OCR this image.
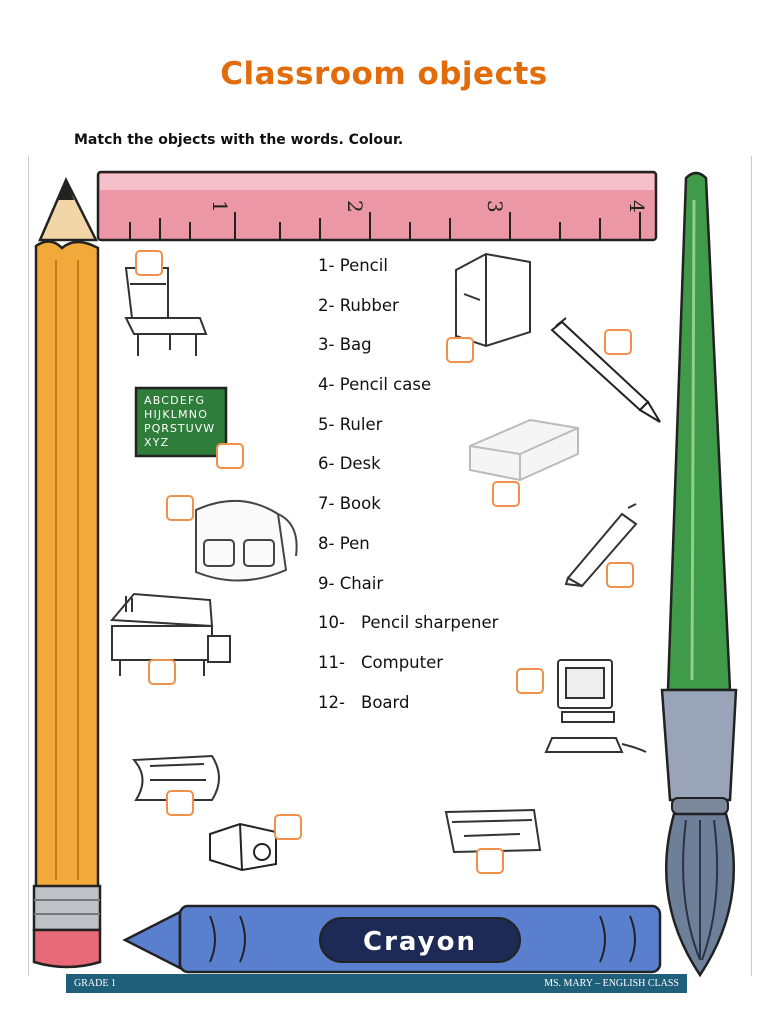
Classroom objects
Match the objects with the words. Colour.
1	2	3	4
Crayon
ABCDEFG
HIJKLMNO
PQRSTUVW
XYZ
1- Pencil
2- Rubber
3- Bag
4- Pencil case
5- Ruler
6- Desk
7- Book
8- Pen
9- Chair
10- Pencil sharpener
11- Computer
12- Board
GRADE 1	MS. MARY – ENGLISH CLASS
